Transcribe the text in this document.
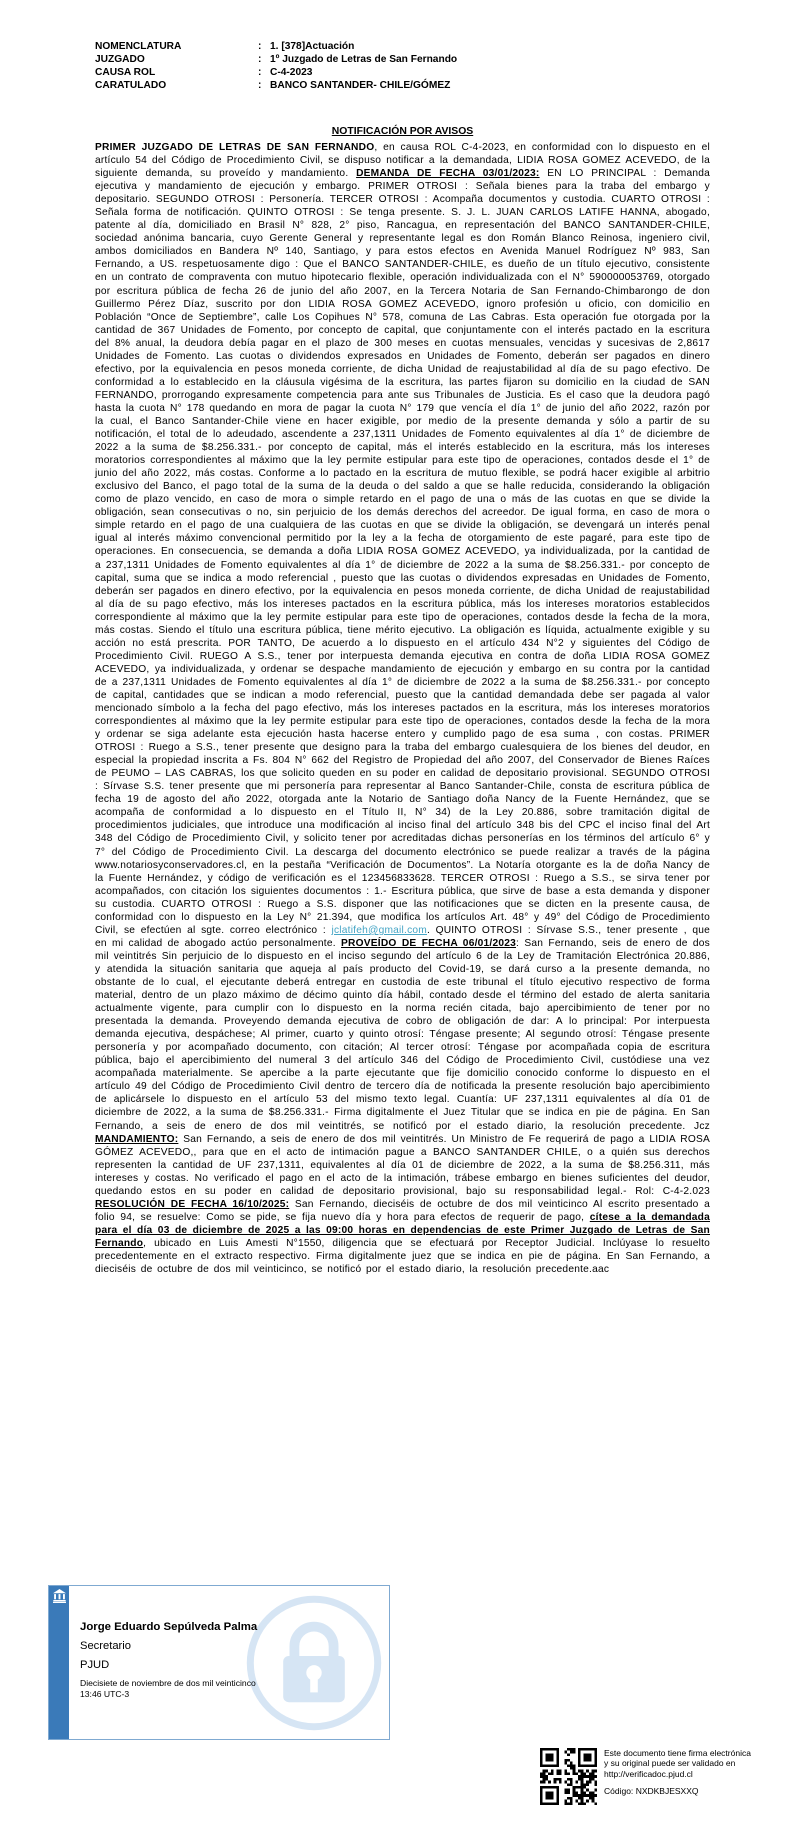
NOMENCLATURA	: 1. [378]Actuación
JUZGADO	: 1º Juzgado de Letras de San Fernando
CAUSA ROL	: C-4-2023
CARATULADO	: BANCO SANTANDER- CHILE/GÓMEZ
NOTIFICACIÓN POR AVISOS

PRIMER JUZGADO DE LETRAS DE SAN FERNANDO, en causa ROL C-4-2023, en conformidad con lo dispuesto en el artículo 54 del Código de Procedimiento Civil, se dispuso notificar a la demandada, LIDIA ROSA GOMEZ ACEVEDO, de la siguiente demanda, su proveído y mandamiento. DEMANDA DE FECHA 03/01/2023: EN LO PRINCIPAL : Demanda ejecutiva y mandamiento de ejecución y embargo. PRIMER OTROSI : Señala bienes para la traba del embargo y depositario. SEGUNDO OTROSI : Personería. TERCER OTROSI : Acompaña documentos y custodia. CUARTO OTROSI : Señala forma de notificación. QUINTO OTROSI : Se tenga presente. S. J. L. JUAN CARLOS LATIFE HANNA, abogado, patente al día, domiciliado en Brasil N° 828, 2° piso, Rancagua, en representación del BANCO SANTANDER-CHILE, sociedad anónima bancaria, cuyo Gerente General y representante legal es don Román Blanco Reinosa, ingeniero civil, ambos domiciliados en Bandera Nº 140, Santiago, y para estos efectos en Avenida Manuel Rodríguez Nº 983, San Fernando, a US. respetuosamente digo : Que el BANCO SANTANDER-CHILE, es dueño de un título ejecutivo, consistente en un contrato de compraventa con mutuo hipotecario flexible, operación individualizada con el N° 590000053769, otorgado por escritura pública de fecha 26 de junio del año 2007, en la Tercera Notaria de San Fernando-Chimbarongo de don Guillermo Pérez Díaz, suscrito por don LIDIA ROSA GOMEZ ACEVEDO, ignoro profesión u oficio, con domicilio en Población “Once de Septiembre”, calle Los Copihues N° 578, comuna de Las Cabras. Esta operación fue otorgada por la cantidad de 367 Unidades de Fomento, por concepto de capital, que conjuntamente con el interés pactado en la escritura del 8% anual, la deudora debía pagar en el plazo de 300 meses en cuotas mensuales, vencidas y sucesivas de 2,8617 Unidades de Fomento. Las cuotas o dividendos expresados en Unidades de Fomento, deberán ser pagados en dinero efectivo, por la equivalencia en pesos moneda corriente, de dicha Unidad de reajustabilidad al día de su pago efectivo. De conformidad a lo establecido en la cláusula vigésima de la escritura, las partes fijaron su domicilio en la ciudad de SAN FERNANDO, prorrogando expresamente competencia para ante sus Tribunales de Justicia. Es el caso que la deudora pagó hasta la cuota N° 178 quedando en mora de pagar la cuota N° 179 que vencía el día 1° de junio del año 2022, razón por la cual, el Banco Santander-Chile viene en hacer exigible, por medio de la presente demanda y sólo a partir de su notificación, el total de lo adeudado, ascendente a 237,1311 Unidades de Fomento equivalentes al día 1° de diciembre de 2022 a la suma de $8.256.331.- por concepto de capital, más el interés establecido en la escritura, más los intereses moratorios correspondientes al máximo que la ley permite estipular para este tipo de operaciones, contados desde el 1° de junio del año 2022, más costas. Conforme a lo pactado en la escritura de mutuo flexible, se podrá hacer exigible al arbitrio exclusivo del Banco, el pago total de la suma de la deuda o del saldo a que se halle reducida, considerando la obligación como de plazo vencido, en caso de mora o simple retardo en el pago de una o más de las cuotas en que se divide la obligación, sean consecutivas o no, sin perjuicio de los demás derechos del acreedor. De igual forma, en caso de mora o simple retardo en el pago de una cualquiera de las cuotas en que se divide la obligación, se devengará un interés penal igual al interés máximo convencional permitido por la ley a la fecha de otorgamiento de este pagaré, para este tipo de operaciones. En consecuencia, se demanda a doña LIDIA ROSA GOMEZ ACEVEDO, ya individualizada, por la cantidad de a 237,1311 Unidades de Fomento equivalentes al día 1° de diciembre de 2022 a la suma de $8.256.331.- por concepto de capital, suma que se indica a modo referencial , puesto que las cuotas o dividendos expresadas en Unidades de Fomento, deberán ser pagados en dinero efectivo, por la equivalencia en pesos moneda corriente, de dicha Unidad de reajustabilidad al día de su pago efectivo, más los intereses pactados en la escritura pública, más los intereses moratorios establecidos correspondiente al máximo que la ley permite estipular para este tipo de operaciones, contados desde la fecha de la mora, más costas. Siendo el título una escritura pública, tiene mérito ejecutivo. La obligación es líquida, actualmente exigible y su acción no está prescrita. POR TANTO, De acuerdo a lo dispuesto en el artículo 434 N°2 y siguientes del Código de Procedimiento Civil. RUEGO A S.S., tener por interpuesta demanda ejecutiva en contra de doña LIDIA ROSA GOMEZ ACEVEDO, ya individualizada, y ordenar se despache mandamiento de ejecución y embargo en su contra por la cantidad de a 237,1311 Unidades de Fomento equivalentes al día 1° de diciembre de 2022 a la suma de $8.256.331.- por concepto de capital, cantidades que se indican a modo referencial, puesto que la cantidad demandada debe ser pagada al valor mencionado símbolo a la fecha del pago efectivo, más los intereses pactados en la escritura, más los intereses moratorios correspondientes al máximo que la ley permite estipular para este tipo de operaciones, contados desde la fecha de la mora y ordenar se siga adelante esta ejecución hasta hacerse entero y cumplido pago de esa suma , con costas. PRIMER OTROSI : Ruego a S.S., tener presente que designo para la traba del embargo cualesquiera de los bienes del deudor, en especial la propiedad inscrita a Fs. 804 N° 662 del Registro de Propiedad del año 2007, del Conservador de Bienes Raíces de PEUMO – LAS CABRAS, los que solicito queden en su poder en calidad de depositario provisional. SEGUNDO OTROSI : Sírvase S.S. tener presente que mi personería para representar al Banco Santander-Chile, consta de escritura pública de fecha 19 de agosto del año 2022, otorgada ante la Notario de Santiago doña Nancy de la Fuente Hernández, que se acompaña de conformidad a lo dispuesto en el Título II, N° 34) de la Ley 20.886, sobre tramitación digital de procedimientos judiciales, que introduce una modificación al inciso final del artículo 348 bis del CPC el inciso final del Art 348 del Código de Procedimiento Civil, y solicito tener por acreditadas dichas personerías en los términos del artículo 6° y 7° del Código de Procedimiento Civil. La descarga del documento electrónico se puede realizar a través de la página www.notariosyconservadores.cl, en la pestaña “Verificación de Documentos”. La Notaría otorgante es la de doña Nancy de la Fuente Hernández, y código de verificación es el 123456833628. TERCER OTROSI : Ruego a S.S., se sirva tener por acompañados, con citación los siguientes documentos : 1.- Escritura pública, que sirve de base a esta demanda y disponer su custodia. CUARTO OTROSI : Ruego a S.S. disponer que las notificaciones que se dicten en la presente causa, de conformidad con lo dispuesto en la Ley N° 21.394, que modifica los artículos Art. 48° y 49° del Código de Procedimiento Civil, se efectúen al sgte. correo electrónico : jclatifeh@gmail.com. QUINTO OTROSI : Sírvase S.S., tener presente , que en mi calidad de abogado actúo personalmente. PROVEÍDO DE FECHA 06/01/2023: San Fernando, seis de enero de dos mil veintitrés Sin perjuicio de lo dispuesto en el inciso segundo del artículo 6 de la Ley de Tramitación Electrónica 20.886, y atendida la situación sanitaria que aqueja al país producto del Covid-19, se dará curso a la presente demanda, no obstante de lo cual, el ejecutante deberá entregar en custodia de este tribunal el título ejecutivo respectivo de forma material, dentro de un plazo máximo de décimo quinto día hábil, contado desde el término del estado de alerta sanitaria actualmente vigente, para cumplir con lo dispuesto en la norma recién citada, bajo apercibimiento de tener por no presentada la demanda. Proveyendo demanda ejecutiva de cobro de obligación de dar: A lo principal: Por interpuesta demanda ejecutiva, despáchese; Al primer, cuarto y quinto otrosí: Téngase presente; Al segundo otrosí: Téngase presente personería y por acompañado documento, con citación; Al tercer otrosí: Téngase por acompañada copia de escritura pública, bajo el apercibimiento del numeral 3 del artículo 346 del Código de Procedimiento Civil, custódiese una vez acompañada materialmente. Se apercibe a la parte ejecutante que fije domicilio conocido conforme lo dispuesto en el artículo 49 del Código de Procedimiento Civil dentro de tercero día de notificada la presente resolución bajo apercibimiento de aplicársele lo dispuesto en el artículo 53 del mismo texto legal. Cuantía: UF 237,1311 equivalentes al día 01 de diciembre de 2022, a la suma de $8.256.331.- Firma digitalmente el Juez Titular que se indica en pie de página. En San Fernando, a seis de enero de dos mil veintitrés, se notificó por el estado diario, la resolución precedente. Jcz MANDAMIENTO: San Fernando, a seis de enero de dos mil veintitrés. Un Ministro de Fe requerirá de pago a LIDIA ROSA GÓMEZ ACEVEDO,, para que en el acto de intimación pague a BANCO SANTANDER CHILE, o a quién sus derechos representen la cantidad de UF 237,1311, equivalentes al día 01 de diciembre de 2022, a la suma de $8.256.311, más intereses y costas. No verificado el pago en el acto de la intimación, trábese embargo en bienes suficientes del deudor, quedando estos en su poder en calidad de depositario provisional, bajo su responsabilidad legal.- Rol: C-4-2.023 RESOLUCIÓN DE FECHA 16/10/2025: San Fernando, dieciséis de octubre de dos mil veinticinco Al escrito presentado a folio 94, se resuelve: Como se pide, se fija nuevo día y hora para efectos de requerir de pago, cítese a la demandada para el día 03 de diciembre de 2025 a las 09:00 horas en dependencias de este Primer Juzgado de Letras de San Fernando, ubicado en Luis Amesti N°1550, diligencia que se efectuará por Receptor Judicial. Inclúyase lo resuelto precedentemente en el extracto respectivo. Firma digitalmente juez que se indica en pie de página. En San Fernando, a dieciséis de octubre de dos mil veinticinco, se notificó por el estado diario, la resolución precedente.aac

Jorge Eduardo Sepúlveda Palma
Secretario
PJUD
Diecisiete de noviembre de dos mil veinticinco
13:46 UTC-3
Este documento tiene firma electrónica
y su original puede ser validado en
http://verificadoc.pjud.cl
Código: NXDKBJESXXQ
